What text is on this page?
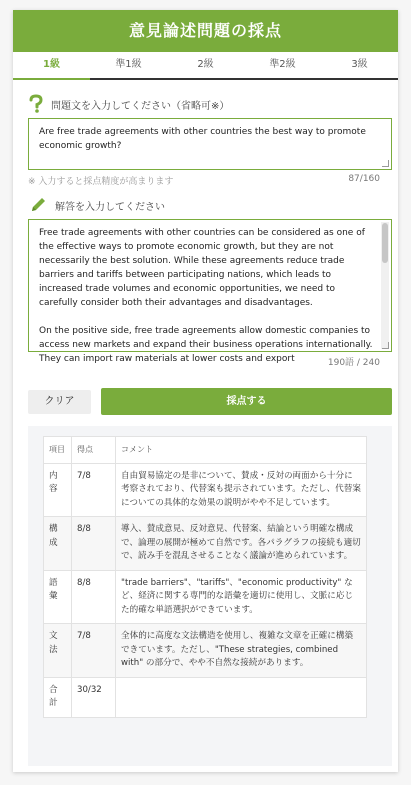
意見論述問題の採点
1級	準1級	2級	準2級	3級
問題文を入力してください（省略可※）
Are free trade agreements with other countries the best way to promote economic growth?
※ 入力すると採点精度が高まります	87/160
解答を入力してください
Free trade agreements with other countries can be considered as one of the effective ways to promote economic growth, but they are not necessarily the best solution. While these agreements reduce trade barriers and tariffs between participating nations, which leads to increased trade volumes and economic opportunities, we need to carefully consider both their advantages and disadvantages.

On the positive side, free trade agreements allow domestic companies to access new markets and expand their business operations internationally. They can import raw materials at lower costs and export	190語 / 240
クリア	採点する
項目	得点	コメント
内容	7/8	自由貿易協定の是非について、賛成・反対の両面から十分に考察されており、代替案も提示されています。ただし、代替案についての具体的な効果の説明がやや不足しています。
構成	8/8	導入、賛成意見、反対意見、代替案、結論という明確な構成で、論理の展開が極めて自然です。各パラグラフの接続も適切で、読み手を混乱させることなく議論が進められています。
語彙	8/8	"trade barriers"、"tariffs"、"economic productivity" など、経済に関する専門的な語彙を適切に使用し、文脈に応じた的確な単語選択ができています。
文法	7/8	全体的に高度な文法構造を使用し、複雑な文章を正確に構築できています。ただし、"These strategies, combined with" の部分で、やや不自然な接続があります。
合計	30/32	
